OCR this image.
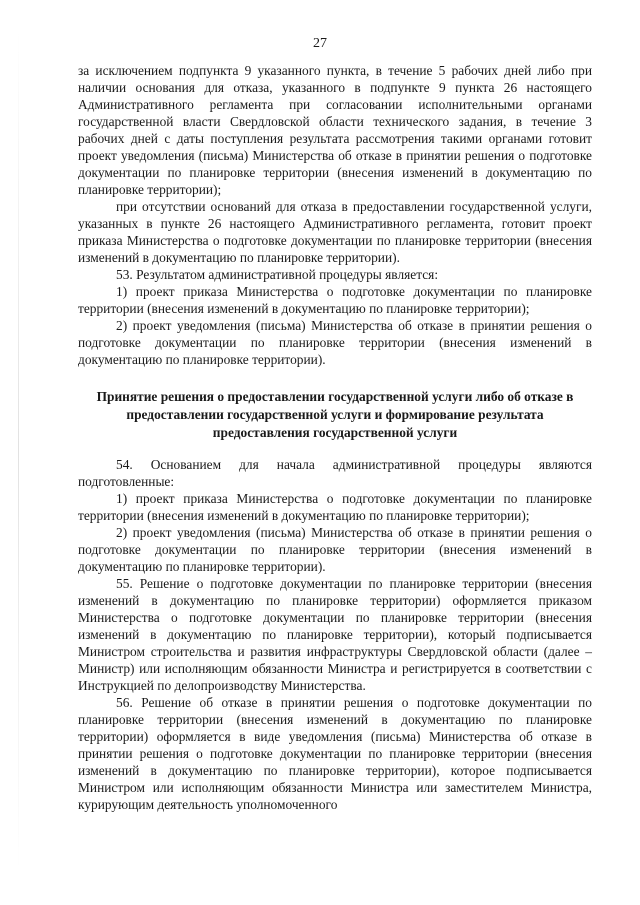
27

за исключением подпункта 9 указанного пункта, в течение 5 рабочих дней либо при наличии основания для отказа, указанного в подпункте 9 пункта 26 настоящего Административного регламента при согласовании исполнительными органами государственной власти Свердловской области технического задания, в течение 3 рабочих дней с даты поступления результата рассмотрения такими органами готовит проект уведомления (письма) Министерства об отказе в принятии решения о подготовке документации по планировке территории (внесения изменений в документацию по планировке территории);

при отсутствии оснований для отказа в предоставлении государственной услуги, указанных в пункте 26 настоящего Административного регламента, готовит проект приказа Министерства о подготовке документации по планировке территории (внесения изменений в документацию по планировке территории).

53. Результатом административной процедуры является:

1) проект приказа Министерства о подготовке документации по планировке территории (внесения изменений в документацию по планировке территории);

2) проект уведомления (письма) Министерства об отказе в принятии решения о подготовке документации по планировке территории (внесения изменений в документацию по планировке территории).

Принятие решения о предоставлении государственной услуги либо об отказе в предоставлении государственной услуги и формирование результата предоставления государственной услуги

54. Основанием для начала административной процедуры являются подготовленные:

1) проект приказа Министерства о подготовке документации по планировке территории (внесения изменений в документацию по планировке территории);

2) проект уведомления (письма) Министерства об отказе в принятии решения о подготовке документации по планировке территории (внесения изменений в документацию по планировке территории).

55. Решение о подготовке документации по планировке территории (внесения изменений в документацию по планировке территории) оформляется приказом Министерства о подготовке документации по планировке территории (внесения изменений в документацию по планировке территории), который подписывается Министром строительства и развития инфраструктуры Свердловской области (далее – Министр) или исполняющим обязанности Министра и регистрируется в соответствии с Инструкцией по делопроизводству Министерства.

56. Решение об отказе в принятии решения о подготовке документации по планировке территории (внесения изменений в документацию по планировке территории) оформляется в виде уведомления (письма) Министерства об отказе в принятии решения о подготовке документации по планировке территории (внесения изменений в документацию по планировке территории), которое подписывается Министром или исполняющим обязанности Министра или заместителем Министра, курирующим деятельность уполномоченного
